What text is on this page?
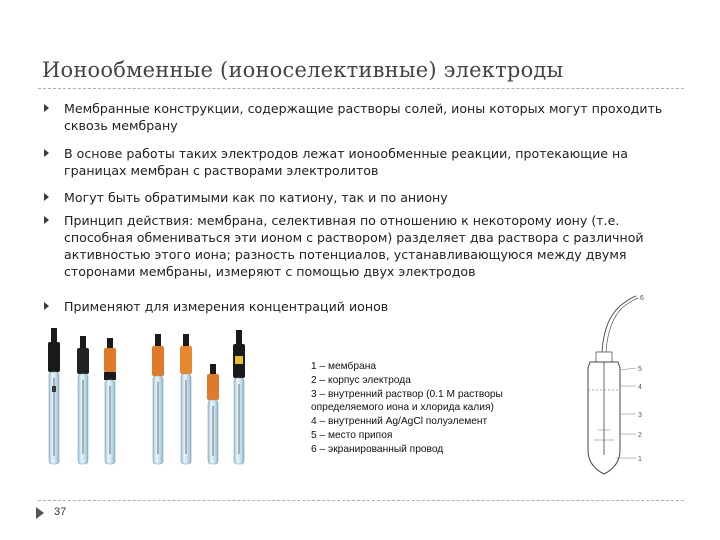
Ионообменные (ионоселективные) электроды
Мембранные конструкции, содержащие растворы солей, ионы которых могут проходить сквозь мембрану
В основе работы таких электродов лежат ионообменные реакции, протекающие на границах мембран с растворами электролитов
Могут быть обратимыми как по катиону, так и по аниону
Принцип действия: мембрана, селективная по отношению к некоторому иону (т.е. способная обмениваться эти ионом с раствором) разделяет два раствора с различной активностью этого иона; разность потенциалов, устанавливающуюся между двумя сторонами мембраны, измеряют с помощью двух электродов
Применяют для измерения концентраций ионов
1 – мембрана
2 – корпус электрода
3 – внутренний раствор (0.1 М растворы
определяемого иона и хлорида калия)
4 – внутренний Ag/AgCl полуэлемент
5 – место припоя
6 – экранированный провод
6
5
4
3
2
1
37
